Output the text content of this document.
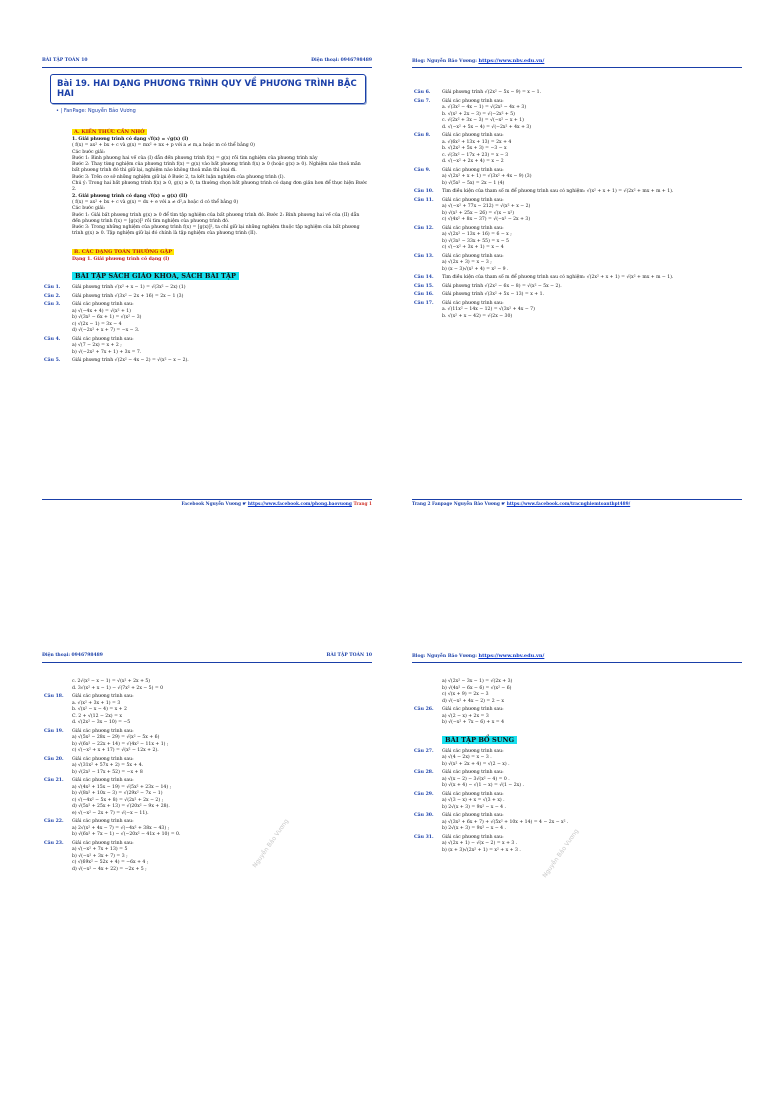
BÀI TẬP TOÁN 10	Điện thoại: 0946798489
Bài 19. HAI DẠNG PHƯƠNG TRÌNH QUY VỀ PHƯƠNG TRÌNH BẬC HAI
• | FanPage: Nguyễn Bảo Vương
A. KIẾN THỨC CẦN NHỚ
1. Giải phương trình có dạng √f(x) = √g(x) (I)
( f(x) = ax² + bx + c và g(x) = mx² + nx + p với a ≠ m,a hoặc m có thể bằng 0)
Các bước giải:
Bước 1: Bình phương hai vế của (I) dẫn đến phương trình f(x) = g(x) rồi tìm nghiệm của phương trình này
Bước 2: Thay từng nghiệm của phương trình f(x) = g(x) vào bất phương trình f(x) ≥ 0 (hoặc g(x) ≥ 0). Nghiệm nào thoả mãn bất phương trình đó thì giữ lại, nghiệm nào không thoả mãn thì loại đi.
Bước 3: Trên cơ sở những nghiệm giữ lại ở Bước 2, ta kết luận nghiệm của phương trình (I).
Chú ý: Trong hai bất phương trình f(x) ≥ 0, g(x) ≥ 0, ta thường chọn bất phương trình có dạng đơn giản hơn để thực hiện Bước 2.
2. Giải phương trình có dạng √f(x) = g(x) (II)
( f(x) = ax² + bx + c và g(x) = dx + e với a ≠ d²,a hoặc d có thể bằng 0)
Các bước giải:
Bước 1: Giải bất phương trình g(x) ≥ 0 để tìm tập nghiệm của bất phương trình đó. Bước 2: Bình phương hai vế của (II) dẫn đến phương trình f(x) = [g(x)]² rồi tìm nghiệm của phương trình đó.
Bước 3: Trong những nghiệm của phương trình f(x) = [g(x)]², ta chỉ giữ lại những nghiệm thuộc tập nghiệm của bất phương trình g(x) ≥ 0. Tập nghiệm giữ lại đó chính là tập nghiệm của phương trình (II).
B. CÁC DẠNG TOÁN THƯỜNG GẶP
Dạng 1. Giải phương trình có dạng (I)
BÀI TẬP SÁCH GIÁO KHOA, SÁCH BÀI TẬP
Câu 1.	Giải phương trình √(x² + x − 1) = √(3x² − 2x) (1)
Câu 2.	Giải phương trình √(3x² − 2x + 16) = 2x − 1 (3)
Câu 3.	Giải các phương trình sau:
a) √(−4x + 4) = √(x² + 1)
b) √(3x² − 6x + 1) = √(x² − 3)
c) √(2x − 1) = 3x − 4
d) √(−2x² + x + 7) = −x − 3.
Câu 4.	Giải các phương trình sau:
a) √(7 − 2x) = x + 2 ;
b) √(−2x² + 7x + 1) + 3x = 7.
Câu 5.	Giải phương trình √(2x² − 4x − 2) = √(x² − x − 2).
Facebook Nguyễn Vương ☛ https://www.facebook.com/phong.baovuong Trang 1
Blog: Nguyễn Bảo Vương: https://www.nbv.edu.vn/
Câu 6.	Giải phương trình √(2x² − 5x − 9) = x − 1.
Câu 7.	Giải các phương trình sau:
a. √(3x² − 4x − 1) = √(2x² − 4x + 3)
b. √(x² + 2x − 3) = √(−2x² + 5)
c. √(2x² + 3x − 3) = √(−x² − x + 1)
d. √(−x² + 5x − 4) = √(−2x² + 4x + 3)
Câu 8.	Giải các phương trình sau:
a. √(6x² + 13x + 13) = 2x + 4
b. √(2x² + 5x + 3) = −3 − x
c. √(3x² − 17x + 23) = x − 3
d. √(−x² + 2x + 4) = x − 2
Câu 9.	Giải các phương trình sau:
a) √(2x² + x + 1) = √(3x² + 4x − 9) (3)
b) √(5x² − 5x) = 2x − 1 (4)
Câu 10.	Tìm điều kiện của tham số m để phương trình sau có nghiệm: √(x² + x + 1) = √(2x² + mx + m + 1).
Câu 11.	Giải các phương trình sau:
a) √(−x² + 77x − 212) = √(x² + x − 2)
b) √(x² + 25x − 26) = √(x − x²)
c) √(4x² + 8x − 37) = √(−x² − 2x + 3)
Câu 12.	Giải các phương trình sau:
a) √(2x² − 13x + 16) = 6 − x ;
b) √(3x² − 33x + 55) = x − 5
c) √(−x² + 3x + 1) = x − 4
Câu 13.	Giải các phương trình sau:
a) √(2x + 3) = x − 3 ;
b) (x − 3)√(x² + 4) = x² − 9 .
Câu 14.	Tìm điều kiện của tham số m để phương trình sau có nghiệm: √(2x² + x + 1) = √(x² + mx + m − 1).
Câu 15.	Giải phương trình √(2x² − 6x − 8) = √(x² − 5x − 2).
Câu 16.	Giải phương trình √(3x² + 5x − 13) = x + 1.
Câu 17.	Giải các phương trình sau:
a. √(11x² − 14x − 12) = √(3x² + 4x − 7)
b. √(x² + x − 42) = √(2x − 30)
Trang 2 Fanpage Nguyễn Bảo Vương ☛ https://www.facebook.com/tracnghiemtoanthpt489/
Điện thoại: 0946798489	BÀI TẬP TOÁN 10
c. 2√(x² − x − 1) = √(x² + 2x + 5)
d. 3√(x² + x − 1) − √(7x² + 2x − 5) = 0
Câu 18.	Giải các phương trình sau:
a. √(x² + 3x + 1) = 3
b. √(x² − x − 4) = x + 2
C. 2 + √(12 − 2x) = x
d. √(2x² − 3x − 10) = −5
Câu 19.	Giải các phương trình sau:
a) √(5x² − 28x − 29) = √(x² − 5x + 6)
b) √(6x² − 22x + 14) = √(4x² − 11x + 1) ;
c) √(−x² + x + 17) = √(x² − 12x + 2).
Câu 20.	Giải các phương trình sau:
a) √(31x² + 57x + 2) = 5x + 4.
b) √(2x² − 17x + 52) = −x + 8
Câu 21.	Giải các phương trình sau:
a) √(4x² + 15x − 19) = √(5x² + 23x − 14) ;
b) √(8x² + 10x − 3) = √(29x² − 7x − 1)
c) √(−4x² − 5x + 8) = √(2x² + 2x − 2) ;
d) √(5x² + 25x + 13) = √(20x² − 9x + 28).
e) √(−x² − 2x + 7) = √(−x − 11).
Câu 22.	Giải các phương trình sau:
a) 2√(x² + 4x − 7) = √(−4x² + 38x − 43) ;
b) √(6x² + 7x − 1) − √(−20x² − 41x + 10) = 0.
Câu 23.	Giải các phương trình sau:
a) √(−x² + 7x + 13) = 5
b) √(−x² + 3x + 7) = 3 ;
c) √(69x² − 52x + 4) = −6x + 4 ;
d) √(−x² − 4x + 22) = −2x + 5 ;	Nguyễn Bảo Vương
Blog: Nguyễn Bảo Vương: https://www.nbv.edu.vn/
a) √(2x² − 3x − 1) = √(2x + 3)
b) √(4x² − 6x − 6) = √(x² − 6)
c) √(x + 9) = 2x − 3
d) √(−x² + 4x − 2) = 2 − x
Câu 26.	Giải các phương trình sau:
a) √(2 − x) + 2x = 3
b) √(−x² + 7x − 6) + x = 4
BÀI TẬP BỔ SUNG
Câu 27.	Giải các phương trình sau:
a) √(4 − 2x) = x − 3 .
b) √(x² + 2x + 4) = √(2 − x) .
Câu 28.	Giải các phương trình sau:
a) √(x − 2) − 3√(x² − 4) = 0 .
b) √(x + 4) − √(1 − x) = √(1 − 2x) .
Câu 29.	Giải các phương trình sau:
a) √(3 − x) + x = √(3 + x) .
b) 2√(x + 3) = 9x² − x − 4 .
Câu 30.	Giải các phương trình sau:
a) √(3x² + 6x + 7) + √(5x² + 10x + 14) = 4 − 2x − x² .
b) 2√(x + 3) = 9x² − x − 4 .
Câu 31.	Giải các phương trình sau:
a) √(2x + 1) − √(x − 2) = x + 3 .
b) (x + 3)√(2x² + 1) = x² + x + 3 .	Nguyễn Bảo Vương
